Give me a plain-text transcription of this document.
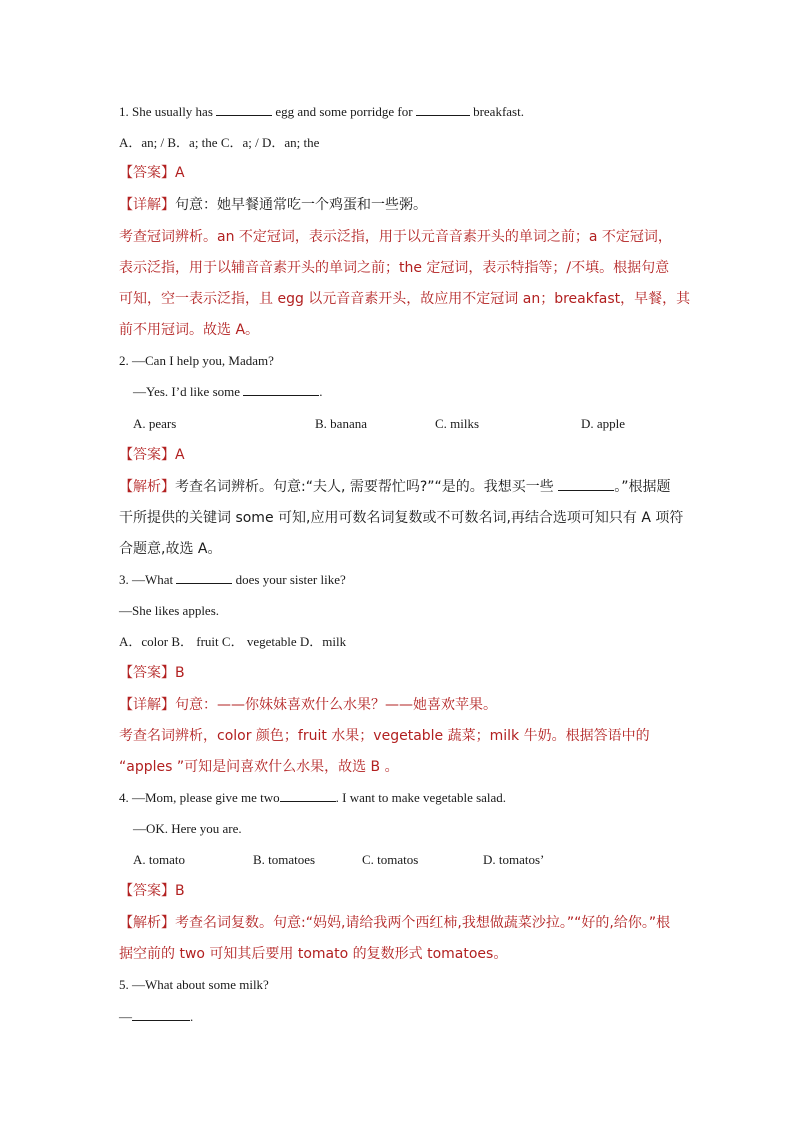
1. She usually has	egg and some porridge for	breakfast.
A．an; / B．a; the C．a; / D．an; the
【答案】A
【详解】句意：她早餐通常吃一个鸡蛋和一些粥。
考查冠词辨析。an 不定冠词，表示泛指，用于以元音音素开头的单词之前；a 不定冠词，
表示泛指，用于以辅音音素开头的单词之前；the 定冠词，表示特指等；/不填。根据句意
可知，空一表示泛指，且 egg 以元音音素开头，故应用不定冠词 an；breakfast，早餐，其
前不用冠词。故选 A。
2. —Can I help you, Madam?
—Yes. I’d like some	.
A. pears	B. banana	C. milks	D. apple
【答案】A
【解析】考查名词辨析。句意:“夫人, 需要帮忙吗?”“是的。我想买一些	。”根据题
干所提供的关键词 some 可知,应用可数名词复数或不可数名词,再结合选项可知只有 A 项符
合题意,故选 A。
3. —What	does your sister like?
—She likes apples.
A．color B． fruit C． vegetable D．milk
【答案】B
【详解】句意：——你妹妹喜欢什么水果？——她喜欢苹果。
考查名词辨析，color 颜色；fruit 水果；vegetable 蔬菜；milk 牛奶。根据答语中的
“apples ”可知是问喜欢什么水果，故选 B 。
4. —Mom, please give me two	. I want to make vegetable salad.
—OK. Here you are.
A. tomato	B. tomatoes	C. tomatos	D. tomatos’
【答案】B
【解析】考查名词复数。句意:“妈妈,请给我两个西红柿,我想做蔬菜沙拉。”“好的,给你。”根
据空前的 two 可知其后要用 tomato 的复数形式 tomatoes。
5. —What about some milk?
—	.
